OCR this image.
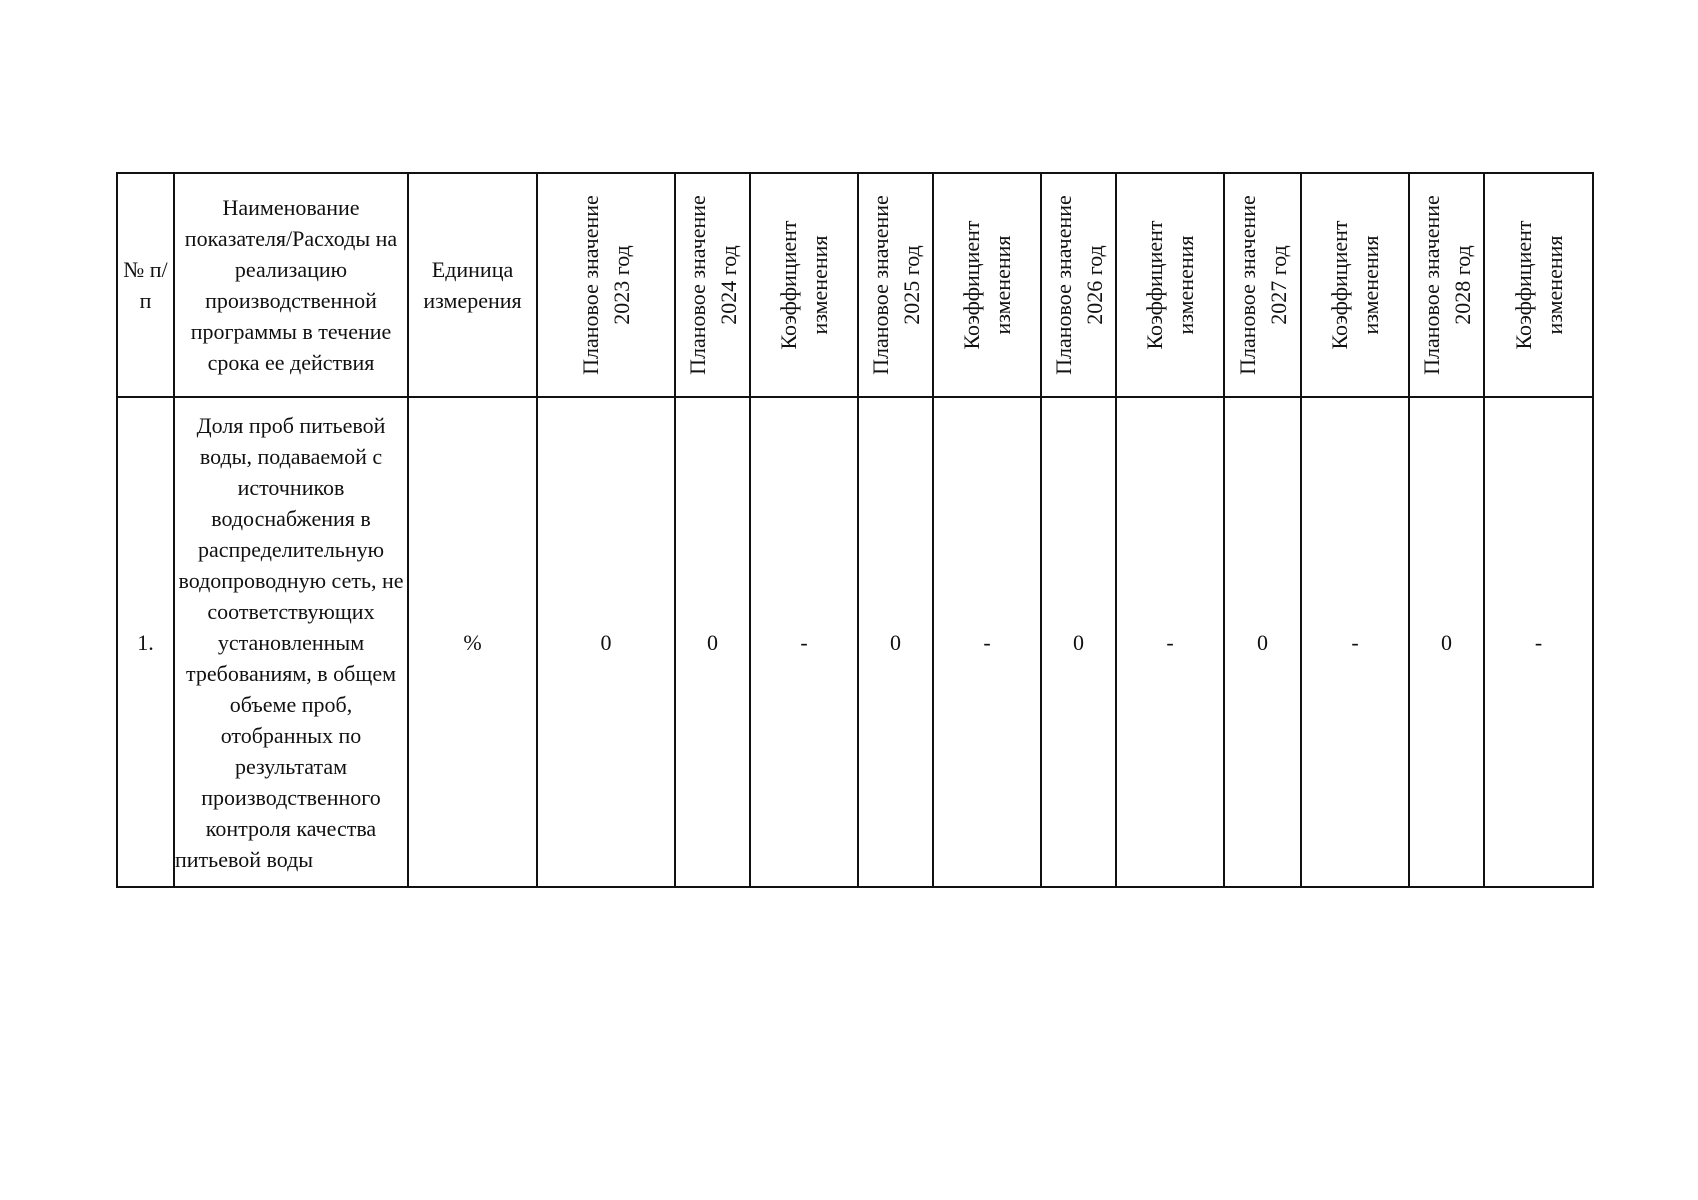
№ п/п	Наименование показателя/Расходы на реализацию производственной программы в течение срока ее действия	Единица измерения	Плановое значение 2023 год	Плановое значение 2024 год	Коэффициент изменения	Плановое значение 2025 год	Коэффициент изменения	Плановое значение 2026 год	Коэффициент изменения	Плановое значение 2027 год	Коэффициент изменения	Плановое значение 2028 год	Коэффициент изменения

1.	Доля проб питьевой воды, подаваемой с источников водоснабжения в распределительную водопроводную сеть, не соответствующих установленным требованиям, в общем объеме проб, отобранных по результатам производственного контроля качества питьевой воды	%	0	0	-	0	-	0	-	0	-	0	-
